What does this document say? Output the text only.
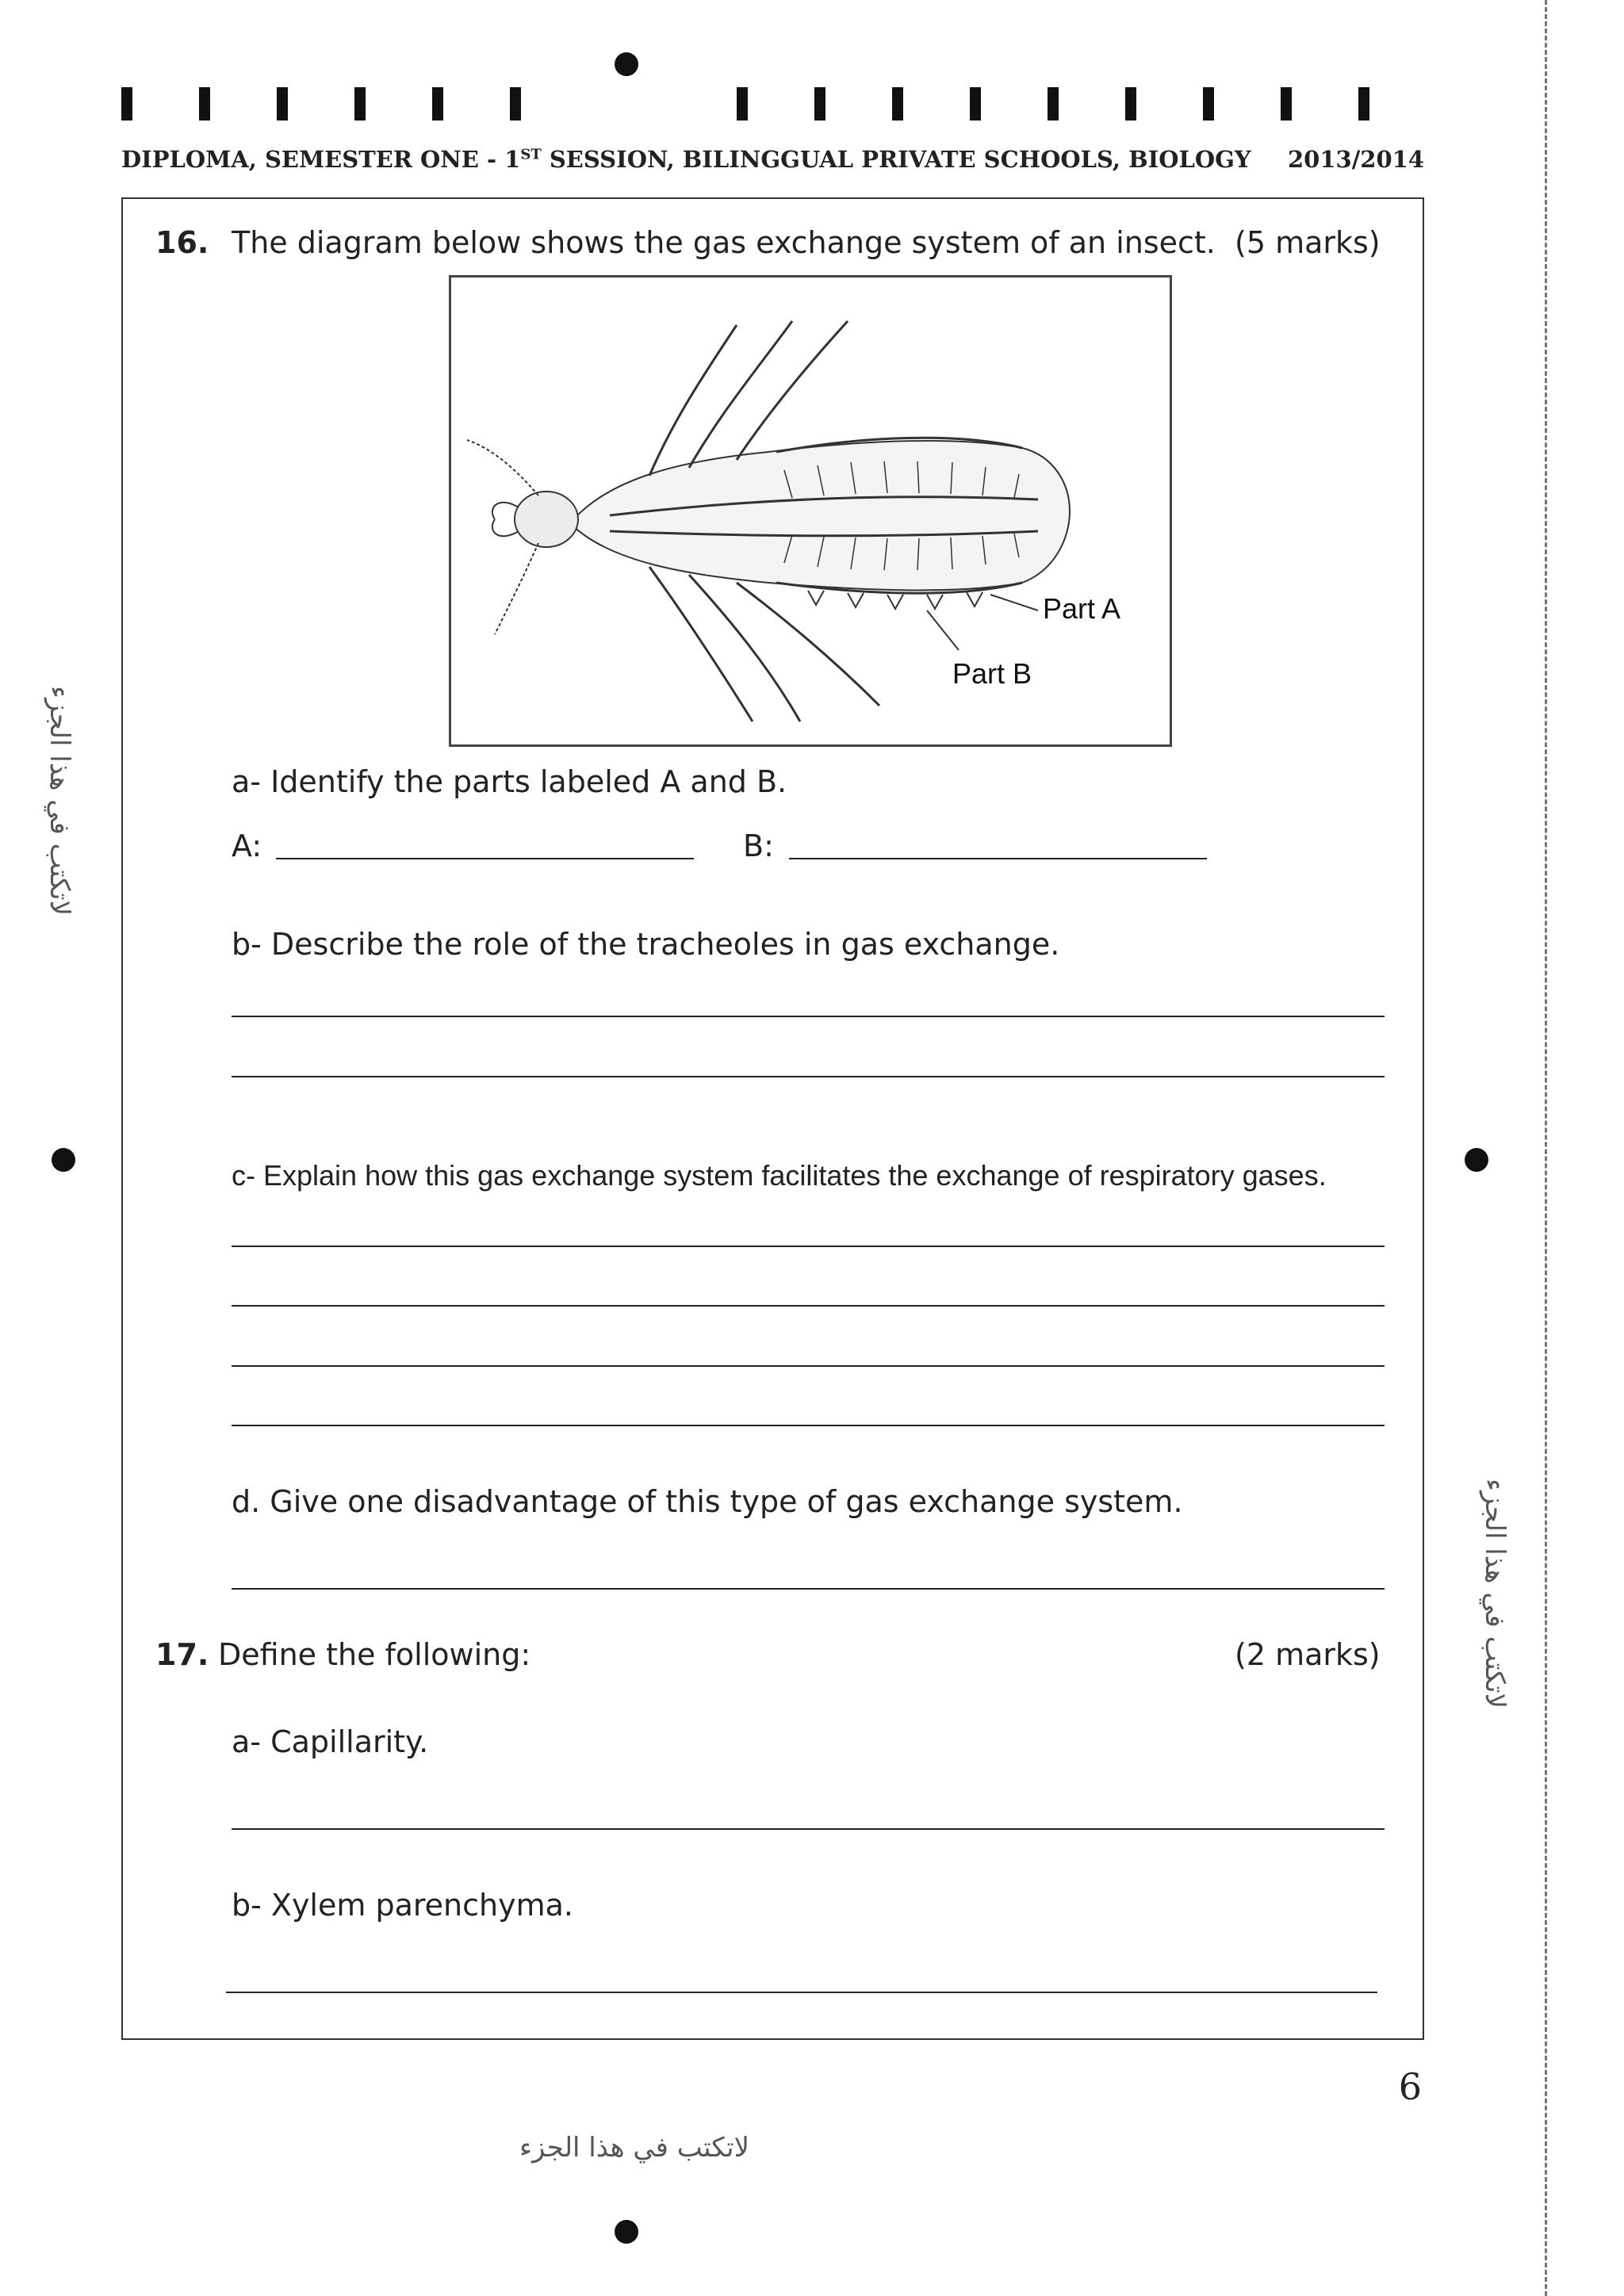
DIPLOMA, SEMESTER ONE - 1ST SESSION, BILINGGUAL PRIVATE SCHOOLS, BIOLOGY 2013/2014
لاتكتب في هذا الجزء
لاتكتب في هذا الجزء
16. The diagram below shows the gas exchange system of an insect. (5 marks)
Part A
Part B
a- Identify the parts labeled A and B.
A:	B:
b- Describe the role of the tracheoles in gas exchange.
c- Explain how this gas exchange system facilitates the exchange of respiratory gases.
d. Give one disadvantage of this type of gas exchange system.
17. Define the following:	(2 marks)
a- Capillarity.
b- Xylem parenchyma.
6
لاتكتب في هذا الجزء
